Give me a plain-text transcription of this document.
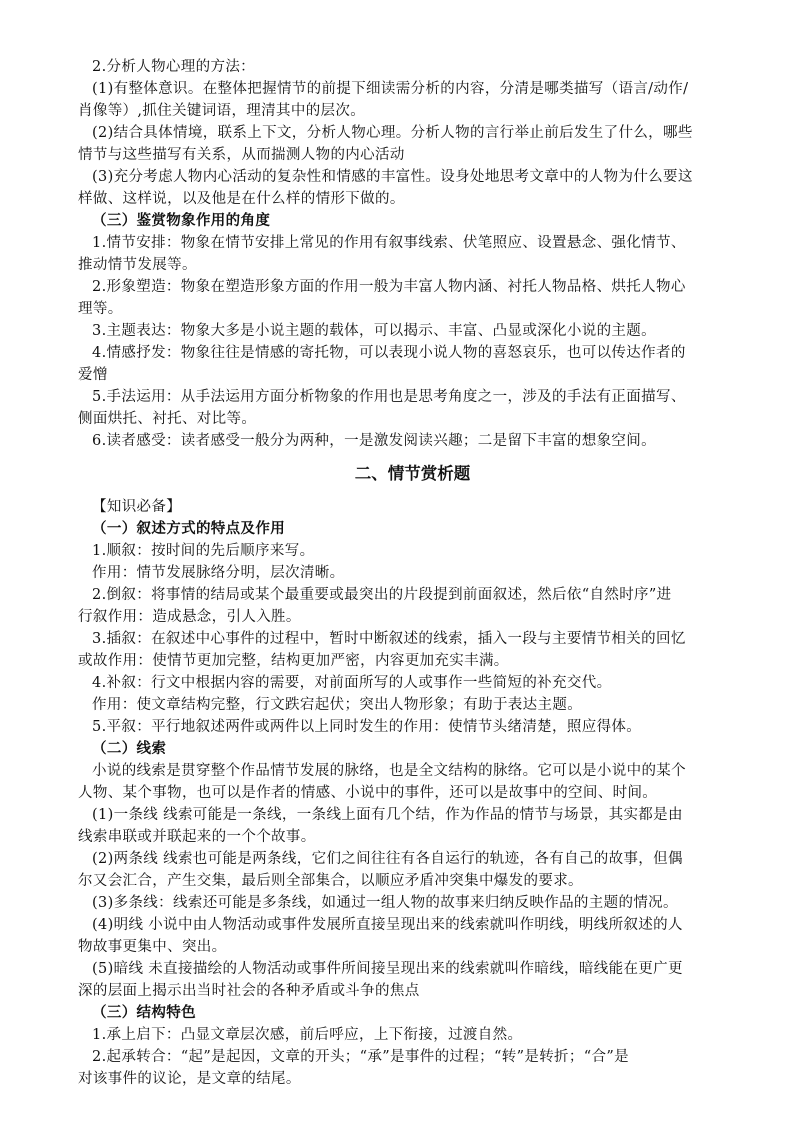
2.分析人物心理的方法：
(1)有整体意识。在整体把握情节的前提下细读需分析的内容，分清是哪类描写（语言/动作/
肖像等）,抓住关键词语，理清其中的层次。
(2)结合具体情境，联系上下文，分析人物心理。分析人物的言行举止前后发生了什么，哪些
情节与这些描写有关系，从而揣测人物的内心活动
(3)充分考虑人物内心活动的复杂性和情感的丰富性。设身处地思考文章中的人物为什么要这
样做、这样说，以及他是在什么样的情形下做的。
（三）鉴赏物象作用的角度
1.情节安排：物象在情节安排上常见的作用有叙事线索、伏笔照应、设置悬念、强化情节、
推动情节发展等。
2.形象塑造：物象在塑造形象方面的作用一般为丰富人物内涵、衬托人物品格、烘托人物心
理等。
3.主题表达：物象大多是小说主题的载体，可以揭示、丰富、凸显或深化小说的主题。
4.情感抒发：物象往往是情感的寄托物，可以表现小说人物的喜怒哀乐，也可以传达作者的
爱憎
5.手法运用：从手法运用方面分析物象的作用也是思考角度之一，涉及的手法有正面描写、
侧面烘托、衬托、对比等。
6.读者感受：读者感受一般分为两种，一是激发阅读兴趣；二是留下丰富的想象空间。
二、情节赏析题
【知识必备】
（一）叙述方式的特点及作用
1.顺叙：按时间的先后顺序来写。
作用：情节发展脉络分明，层次清晰。
2.倒叙：将事情的结局或某个最重要或最突出的片段提到前面叙述，然后依“自然时序”进
行叙作用：造成悬念，引人入胜。
3.插叙：在叙述中心事件的过程中，暂时中断叙述的线索，插入一段与主要情节相关的回忆
或故作用：使情节更加完整，结构更加严密，内容更加充实丰满。
4.补叙：行文中根据内容的需要，对前面所写的人或事作一些简短的补充交代。
作用：使文章结构完整，行文跌宕起伏；突出人物形象；有助于表达主题。
5.平叙：平行地叙述两件或两件以上同时发生的作用：使情节头绪清楚，照应得体。
（二）线索
小说的线索是贯穿整个作品情节发展的脉络，也是全文结构的脉络。它可以是小说中的某个
人物、某个事物，也可以是作者的情感、小说中的事件，还可以是故事中的空间、时间。
(1)一条线 线索可能是一条线，一条线上面有几个结，作为作品的情节与场景，其实都是由
线索串联或并联起来的一个个故事。
(2)两条线 线索也可能是两条线，它们之间往往有各自运行的轨迹，各有自己的故事，但偶
尔又会汇合，产生交集，最后则全部集合，以顺应矛盾冲突集中爆发的要求。
(3)多条线：线索还可能是多条线，如通过一组人物的故事来归纳反映作品的主题的情况。
(4)明线 小说中由人物活动或事件发展所直接呈现出来的线索就叫作明线，明线所叙述的人
物故事更集中、突出。
(5)暗线 未直接描绘的人物活动或事件所间接呈现出来的线索就叫作暗线，暗线能在更广更
深的层面上揭示出当时社会的各种矛盾或斗争的焦点
（三）结构特色
1.承上启下：凸显文章层次感，前后呼应，上下衔接，过渡自然。
2.起承转合：“起”是起因，文章的开头；“承”是事件的过程；“转”是转折；“合”是
对该事件的议论，是文章的结尾。
